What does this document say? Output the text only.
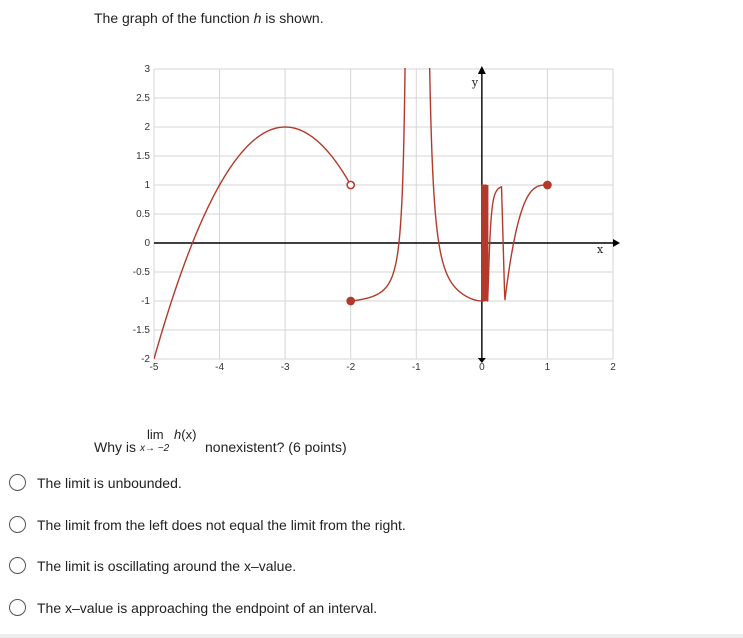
The graph of the function h is shown.
x
y
-5	-4	-3	-2	-1	0	1	2
-2
-1.5
-1
-0.5
0
0.5
1
1.5
2
2.5
3
Why is
lim h(x)
x→ −2	nonexistent? (6 points)
The limit is unbounded.
The limit from the left does not equal the limit from the right.
The limit is oscillating around the x–value.
The x–value is approaching the endpoint of an interval.
